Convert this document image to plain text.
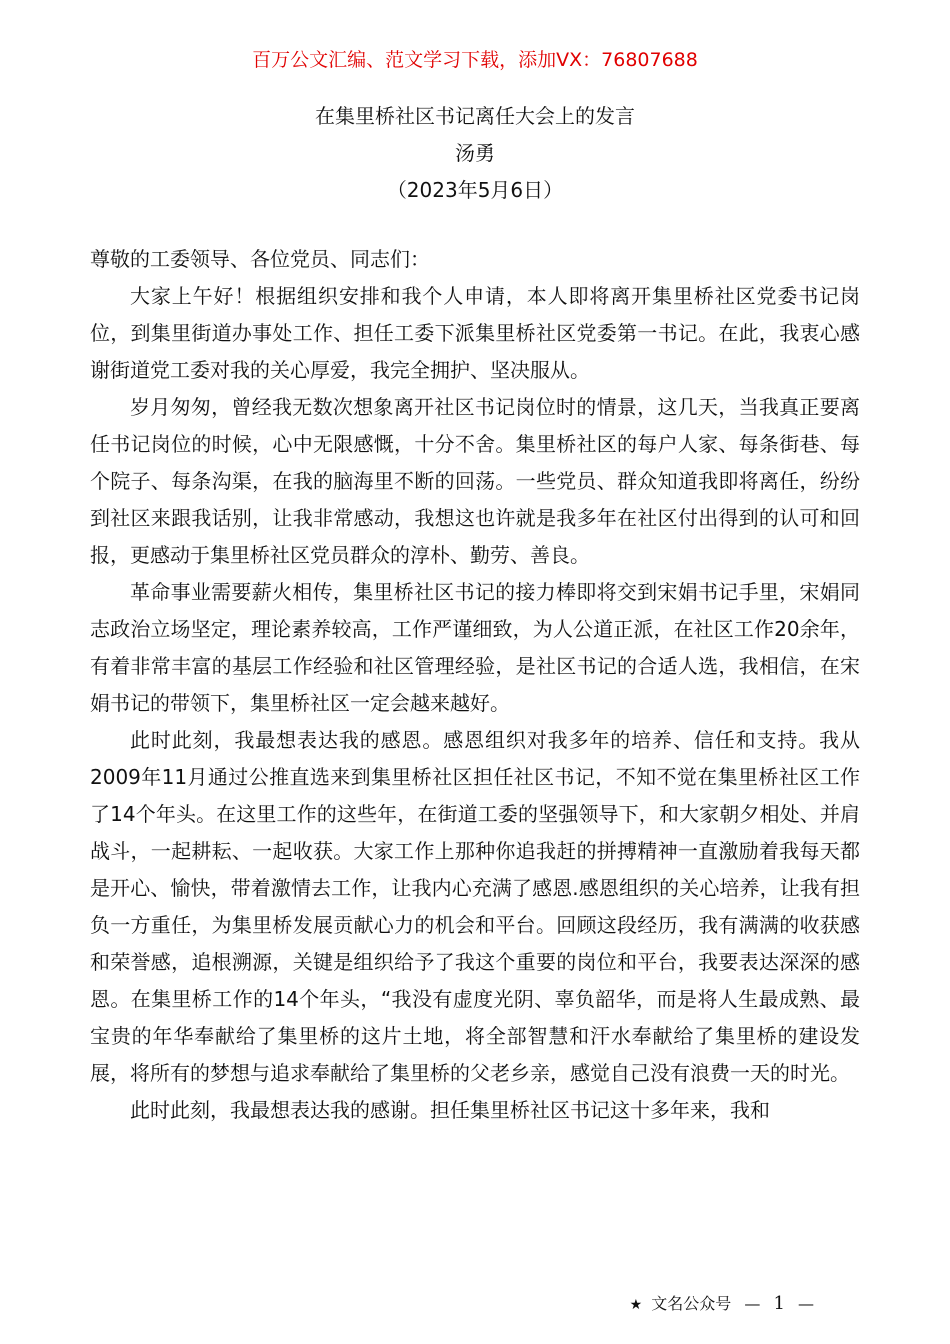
百万公文汇编、范文学习下载，添加VX：76807688
在集里桥社区书记离任大会上的发言
汤勇
（2023年5月6日）

尊敬的工委领导、各位党员、同志们：

大家上午好！根据组织安排和我个人申请，本人即将离开集里桥社区党委书记岗位，到集里街道办事处工作、担任工委下派集里桥社区党委第一书记。在此，我衷心感谢街道党工委对我的关心厚爱，我完全拥护、坚决服从。

岁月匆匆，曾经我无数次想象离开社区书记岗位时的情景，这几天，当我真正要离任书记岗位的时候，心中无限感慨，十分不舍。集里桥社区的每户人家、每条街巷、每个院子、每条沟渠，在我的脑海里不断的回荡。一些党员、群众知道我即将离任，纷纷到社区来跟我话别，让我非常感动，我想这也许就是我多年在社区付出得到的认可和回报，更感动于集里桥社区党员群众的淳朴、勤劳、善良。

革命事业需要薪火相传，集里桥社区书记的接力棒即将交到宋娟书记手里，宋娟同志政治立场坚定，理论素养较高，工作严谨细致，为人公道正派，在社区工作20余年，有着非常丰富的基层工作经验和社区管理经验，是社区书记的合适人选，我相信，在宋娟书记的带领下，集里桥社区一定会越来越好。

此时此刻，我最想表达我的感恩。感恩组织对我多年的培养、信任和支持。我从2009年11月通过公推直选来到集里桥社区担任社区书记，不知不觉在集里桥社区工作了14个年头。在这里工作的这些年，在街道工委的坚强领导下，和大家朝夕相处、并肩战斗，一起耕耘、一起收获。大家工作上那种你追我赶的拼搏精神一直激励着我每天都是开心、愉快，带着激情去工作，让我内心充满了感恩.感恩组织的关心培养，让我有担负一方重任，为集里桥发展贡献心力的机会和平台。回顾这段经历，我有满满的收获感和荣誉感，追根溯源，关键是组织给予了我这个重要的岗位和平台，我要表达深深的感恩。在集里桥工作的14个年头，“我没有虚度光阴、辜负韶华，而是将人生最成熟、最宝贵的年华奉献给了集里桥的这片土地，将全部智慧和汗水奉献给了集里桥的建设发展，将所有的梦想与追求奉献给了集里桥的父老乡亲，感觉自己没有浪费一天的时光。

此时此刻，我最想表达我的感谢。担任集里桥社区书记这十多年来，我和

★ 文名公众号 — 1 —
